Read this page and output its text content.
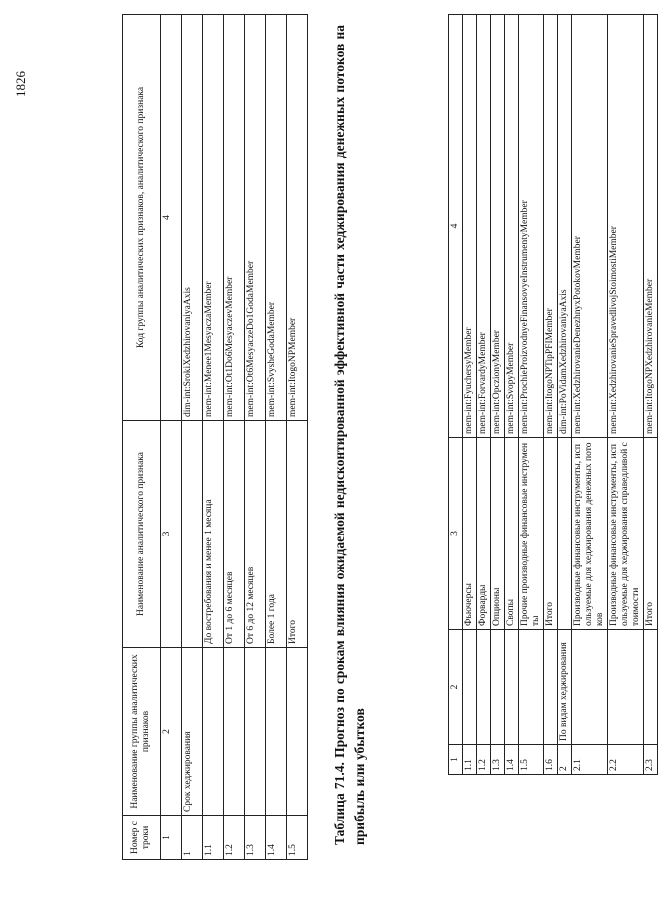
1826

1	2	3	4
1.1		Фьючерсы	mem-int:FyuchersyMember
1.2		Форварды	mem-int:ForvardyMember
1.3		Опционы	mem-int:OpczionyMember
1.4		Свопы	mem-int:SvopyMember
1.5		Прочие производные финансовые инструменты	mem-int:ProchieProizvodnyeFinansovyeInstrumentyMember
1.6		Итого	mem-int:ItogoNPTipPFIMember
2	По видам хеджирования		dim-int:PoVidamXedzhirovaniyaAxis
2.1		Производные финансовые инструменты, используемые для хеджирования денежных потоков	mem-int:XedzhirovanieDenezhnyxPotokovMember
2.2		Производные финансовые инструменты, используемые для хеджирования справедливой стоимости	mem-int:XedzhirovanieSpravedlivojStoimostiMember
2.3		Итого	mem-int:ItogoNPXedzhirovanieMember

Таблица 71.4. Прогноз по срокам влияния ожидаемой недисконтированной эффективной части хеджирования денежных потоков на прибыль или убытков

Номер строки	Наименование группы аналитических признаков	Наименование аналитического признака	Код группы аналитических признаков, аналитического признака
1	2	3	4
1	Срок хеджирования		dim-int:SrokiXedzhirovaniyaAxis
1.1		До востребования и менее 1 месяца	mem-int:Menee1MesyaczaMember
1.2		От 1 до 6 месяцев	mem-int:Ot1Do6MesyaczevMember
1.3		От 6 до 12 месяцев	mem-int:Ot6MesyaczeDo1GodaMember
1.4		Более 1 года	mem-int:SvysheGodaMember
1.5		Итого	mem-int:ItogoNPMember
